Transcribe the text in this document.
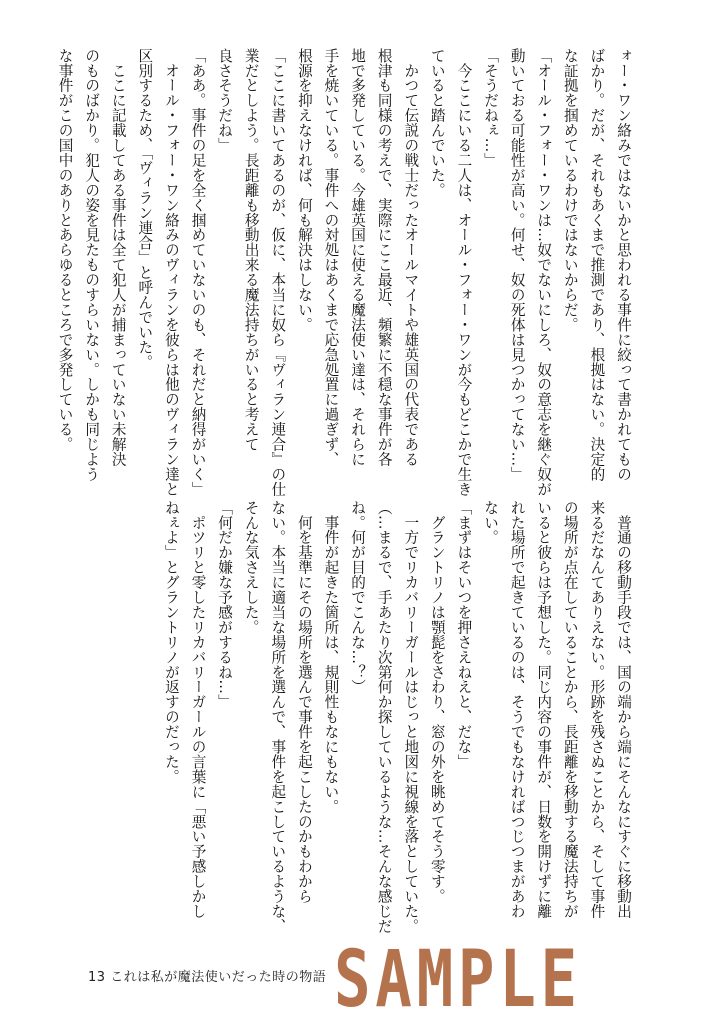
ォー・ワン絡みではないかと思われる事件に絞って書かれてもの
ばかり。だが、それもあくまで推測であり、根拠はない。決定的
な証拠を掴めているわけではないからだ。
「オール・フォー・ワンは…奴でないにしろ、奴の意志を継ぐ奴が
動いておる可能性が高い。何せ、奴の死体は見つかってない…」
「そうだねぇ…」
　今ここにいる二人は、オール・フォー・ワンが今もどこかで生き
ていると踏んでいた。
　かつて伝説の戦士だったオールマイトや雄英国の代表である
根津も同様の考えで、実際にここ最近、頻繁に不穏な事件が各
地で多発している。今雄英国に使える魔法使い達は、それらに
手を焼いている。事件への対処はあくまで応急処置に過ぎず、
根源を抑えなければ、何も解決はしない。
「ここに書いてあるのが、仮に、本当に奴ら『ヴィラン連合』の仕
業だとしよう。長距離も移動出来る魔法持ちがいると考えて
良さそうだね」
「ああ。事件の足を全く掴めていないのも、それだと納得がいく」
　オール・フォー・ワン絡みのヴィランを彼らは他のヴィラン達と
区別するため、「ヴィラン連合」と呼んでいた。
　ここに記載してある事件は全て犯人が捕まっていない未解決
のものばかり。犯人の姿を見たものすらいない。しかも同じよう
な事件がこの国中のありとあらゆるところで多発している。
　普通の移動手段では、国の端から端にそんなにすぐに移動出
来るだなんてありえない。形跡を残さぬことから、そして事件
の場所が点在していることから、長距離を移動する魔法持ちが
いると彼らは予想した。同じ内容の事件が、日数を開けずに離
れた場所で起きているのは、そうでもなければつじつまがあわ
ない。
「まずはそいつを押さえねえと、だな」
　グラントリノは顎髭をさわり、窓の外を眺めてそう零す。
　一方でリカバリーガールはじっと地図に視線を落としていた。
（…まるで、手あたり次第何か探しているような…そんな感じだ
ね。何が目的でこんな…？）
　事件が起きた箇所は、規則性もなにもない。
　何を基準にその場所を選んで事件を起こしたのかもわから
ない。本当に適当な場所を選んで、事件を起こしているような、
そんな気さえした。
「何だか嫌な予感がするね…」
　ポツリと零したリカバリーガールの言葉に「悪い予感しかし
ねぇよ」とグラントリノが返すのだった。
13 これは私が魔法使いだった時の物語 SAMPLE
